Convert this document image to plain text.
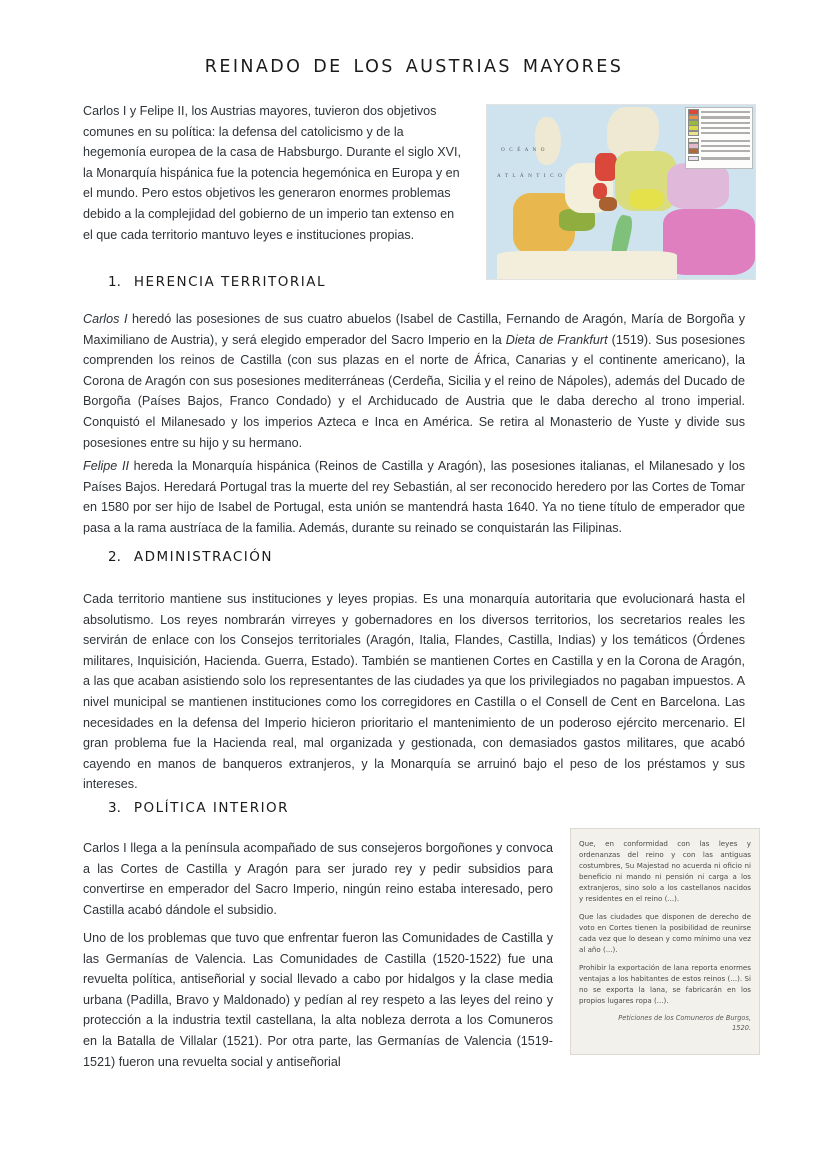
REINADO DE LOS AUSTRIAS MAYORES
Carlos I y Felipe II, los Austrias mayores, tuvieron dos objetivos comunes en su política: la defensa del catolicismo y de la hegemonía europea de la casa de Habsburgo. Durante el siglo XVI, la Monarquía hispánica fue la potencia hegemónica en Europa y en el mundo. Pero estos objetivos les generaron enormes problemas debido a la complejidad del gobierno de un imperio tan extenso en el que cada territorio mantuvo leyes e instituciones propias.
O C É A N O
A T L Á N T I C O
1. HERENCIA TERRITORIAL
Carlos I heredó las posesiones de sus cuatro abuelos (Isabel de Castilla, Fernando de Aragón, María de Borgoña y Maximiliano de Austria), y será elegido emperador del Sacro Imperio en la Dieta de Frankfurt (1519). Sus posesiones comprenden los reinos de Castilla (con sus plazas en el norte de África, Canarias y el continente americano), la Corona de Aragón con sus posesiones mediterráneas (Cerdeña, Sicilia y el reino de Nápoles), además del Ducado de Borgoña (Países Bajos, Franco Condado) y el Archiducado de Austria que le daba derecho al trono imperial. Conquistó el Milanesado y los imperios Azteca e Inca en América. Se retira al Monasterio de Yuste y divide sus posesiones entre su hijo y su hermano.
Felipe II hereda la Monarquía hispánica (Reinos de Castilla y Aragón), las posesiones italianas, el Milanesado y los Países Bajos. Heredará Portugal tras la muerte del rey Sebastián, al ser reconocido heredero por las Cortes de Tomar en 1580 por ser hijo de Isabel de Portugal, esta unión se mantendrá hasta 1640. Ya no tiene título de emperador que pasa a la rama austríaca de la familia. Además, durante su reinado se conquistarán las Filipinas.
2. ADMINISTRACIÓN
Cada territorio mantiene sus instituciones y leyes propias. Es una monarquía autoritaria que evolucionará hasta el absolutismo. Los reyes nombrarán virreyes y gobernadores en los diversos territorios, los secretarios reales les servirán de enlace con los Consejos territoriales (Aragón, Italia, Flandes, Castilla, Indias) y los temáticos (Órdenes militares, Inquisición, Hacienda. Guerra, Estado). También se mantienen Cortes en Castilla y en la Corona de Aragón, a las que acaban asistiendo solo los representantes de las ciudades ya que los privilegiados no pagaban impuestos. A nivel municipal se mantienen instituciones como los corregidores en Castilla o el Consell de Cent en Barcelona. Las necesidades en la defensa del Imperio hicieron prioritario el mantenimiento de un poderoso ejército mercenario. El gran problema fue la Hacienda real, mal organizada y gestionada, con demasiados gastos militares, que acabó cayendo en manos de banqueros extranjeros, y la Monarquía se arruinó bajo el peso de los préstamos y sus intereses.
3. POLÍTICA INTERIOR
Carlos I llega a la península acompañado de sus consejeros borgoñones y convoca a las Cortes de Castilla y Aragón para ser jurado rey y pedir subsidios para convertirse en emperador del Sacro Imperio, ningún reino estaba interesado, pero Castilla acabó dándole el subsidio.
Uno de los problemas que tuvo que enfrentar fueron las Comunidades de Castilla y las Germanías de Valencia. Las Comunidades de Castilla (1520-1522) fue una revuelta política, antiseñorial y social llevado a cabo por hidalgos y la clase media urbana (Padilla, Bravo y Maldonado) y pedían al rey respeto a las leyes del reino y protección a la industria textil castellana, la alta nobleza derrota a los Comuneros en la Batalla de Villalar (1521). Por otra parte, las Germanías de Valencia (1519-1521) fueron una revuelta social y antiseñorial

Que, en conformidad con las leyes y ordenanzas del reino y con las antiguas costumbres, Su Majestad no acuerda ni oficio ni beneficio ni mando ni pensión ni carga a los extranjeros, sino solo a los castellanos nacidos y residentes en el reino (...).

Que las ciudades que disponen de derecho de voto en Cortes tienen la posibilidad de reunirse cada vez que lo desean y como mínimo una vez al año (...).

Prohibir la exportación de lana reporta enormes ventajas a los habitantes de estos reinos (...). Si no se exporta la lana, se fabricarán en los propios lugares ropa (...).

Peticiones de los Comuneros de Burgos,
1520.
